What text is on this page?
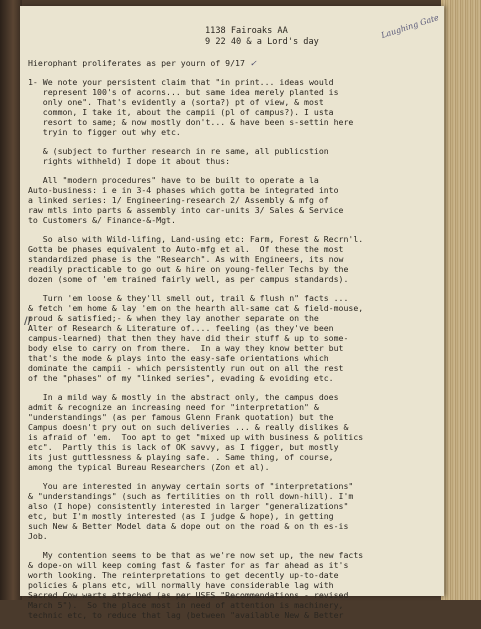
1138 Fairoaks AA
9 22 40 & a Lord's day
Laughing Gate
//
Hierophant proliferates as per yourn of 9/17 ✓
1- We note your persistent claim that "in print... ideas would
represent 100's of acorns... but same idea merely planted is
only one". That's evidently a (sorta?) pt of view, & most
common, I take it, about the campii (pl of campus?). I usta
resort to same; & now mostly don't... & have been s-settin here
tryin to figger out why etc.
& (subject to further research in re same, all publicstion
rights withheld) I dope it about thus:
All "modern procedures" have to be built to operate a la
Auto-business: i e in 3-4 phases which gotta be integrated into
a linked series: 1/ Engineering-research 2/ Assembly & mfg of
raw mtls into parts & assembly into car-units 3/ Sales & Service
to Customers &/ Finance-&-Mgt.
So also with Wild-lifing, Land-using etc: Farm, Forest & Recrn'l.
Gotta be phases equivalent to Auto-mfg et al.  Of these the most
standardized phase is the "Research". As with Engineers, its now
readily practicable to go out & hire on young-feller Techs by the
dozen (some of 'em trained fairly well, as per campus standards).
Turn 'em loose & they'll smell out, trail & flush n" facts ...
& fetch 'em home & lay 'em on the hearth all-same cat & field-mouse,
proud & satisfied;- & when they lay another separate on the
Alter of Research & Literature of.... feeling (as they've been
campus-learned) that then they have did their stuff & up to some-
body else to carry on from there.  In a way they know better but
that's the mode & plays into the easy-safe orientations which
dominate the campii - which persistently run out on all the rest
of the "phases" of my "linked series", evading & evoiding etc.
In a mild way & mostly in the abstract only, the campus does
admit & recognize an increasing need for "interpretation" &
"understandings" (as per famous Glenn Frank quotation) but the
Campus doesn't pry out on such deliveries ... & really dislikes &
is afraid of 'em.  Too apt to get "mixed up with business & politics
etc".  Partly this is lack of OK savvy, as I figger, but mostly
its just guttlessness & playing safe. . Same thing, of course,
among the typical Bureau Researchers (Zon et al).
You are interested in anyway certain sorts of "interpretations"
& "understandings" (such as fertilities on th roll down-hill). I'm
also (I hope) consistently interested in larger "generalizations"
etc, but I'm mostly interested (as I judge & hope), in getting
such New & Better Model data & dope out on the road & on th es-is
Job.
My contention seems to be that as we're now set up, the new facts
& dope-on will keep coming fast & faster for as far ahead as it's
worth looking. The reinterpretations to get decently up-to-date
policies & plans etc, will normally have considerable lag with
Sacred Cow warts attached (as per USFS "Recommendations - revised
March 5").  So the place most in need of attention is machinery,
technic etc, to reduce that lag (between "available New & Better
